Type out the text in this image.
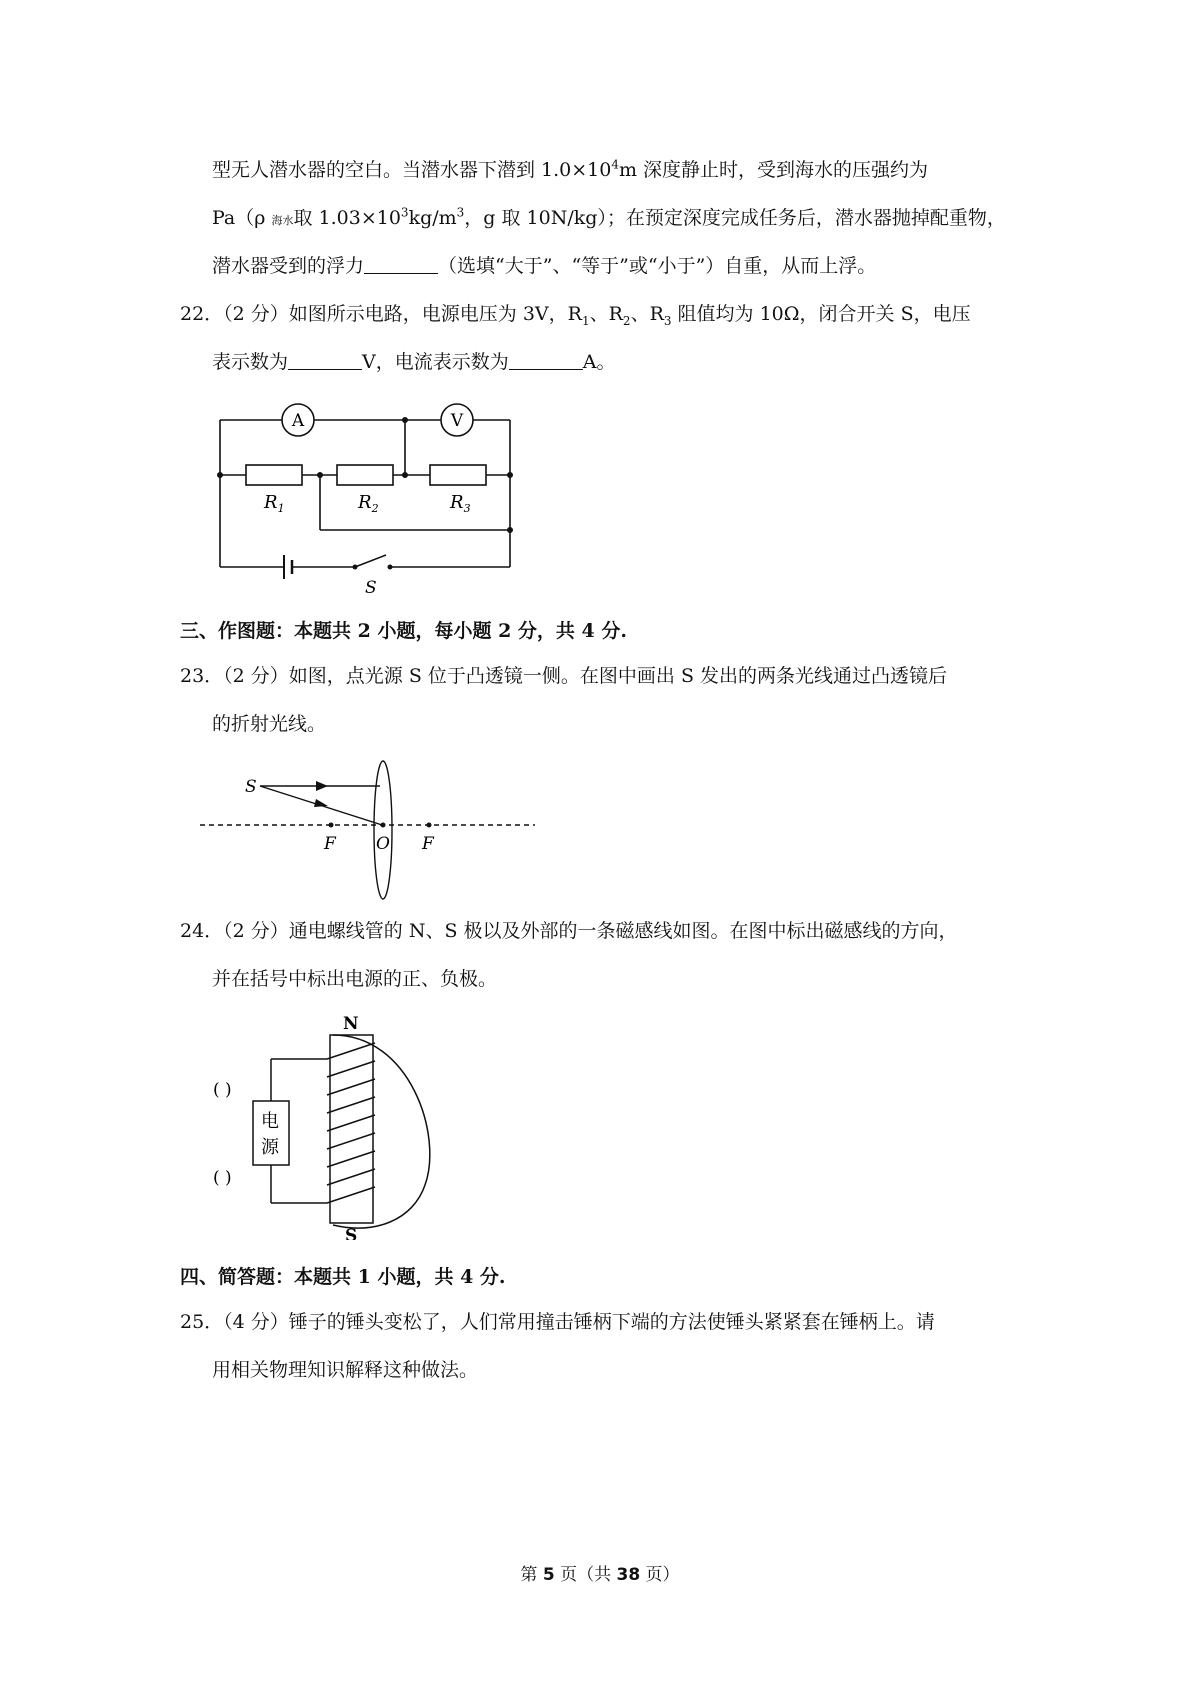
型无人潜水器的空白。当潜水器下潜到 $1.0\times 10^4m$ 深度静止时，受到海水的压强约为
Pa（ρ 海水取 $1.03\times 10^3kg/m^3$，g 取 10N/kg）；在预定深度完成任务后，潜水器抛掉配重物，
潜水器受到的浮力	（选填“大于”、“等于”或“小于”）自重，从而上浮。
22．（2 分）如图所示电路，电源电压为 3V，$R_1$、$R_2$、$R_3$ 阻值均为 10Ω，闭合开关 S，电压
表示数为	V，电流表示数为	A。
A	V
$R_1$	$R_2$	$R_3$
S
三、作图题：本题共 2 小题，每小题 2 分，共 4 分.
23．（2 分）如图，点光源 S 位于凸透镜一侧。在图中画出 S 发出的两条光线通过凸透镜后
的折射光线。
S
F O F
24．（2 分）通电螺线管的 N、S 极以及外部的一条磁感线如图。在图中标出磁感线的方向，
并在括号中标出电源的正、负极。
N
S
( )
( )
电
源
四、简答题：本题共 1 小题，共 4 分.
25．（4 分）锤子的锤头变松了，人们常用撞击锤柄下端的方法使锤头紧紧套在锤柄上。请
用相关物理知识解释这种做法。
第 5 页（共 38 页）
